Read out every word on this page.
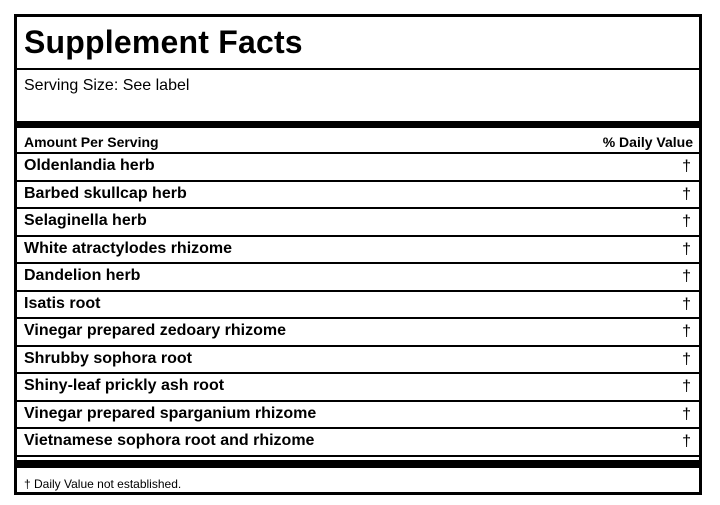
Supplement Facts
Serving Size: See label
Amount Per Serving	% Daily Value
Oldenlandia herb	†
Barbed skullcap herb	†
Selaginella herb	†
White atractylodes rhizome	†
Dandelion herb	†
Isatis root	†
Vinegar prepared zedoary rhizome	†
Shrubby sophora root	†
Shiny-leaf prickly ash root	†
Vinegar prepared sparganium rhizome	†
Vietnamese sophora root and rhizome	†
† Daily Value not established.
